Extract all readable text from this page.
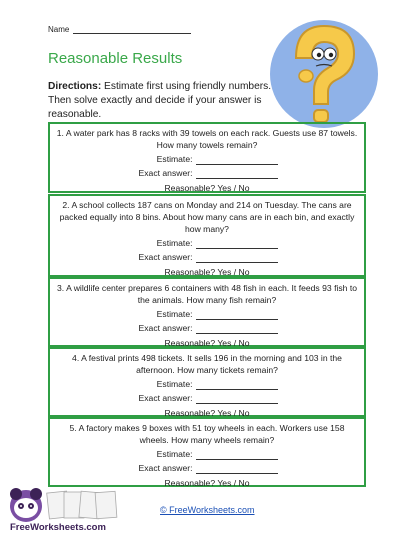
Name
Reasonable Results
Directions: Estimate first using friendly numbers. Then solve exactly and decide if your answer is reasonable.

1. A water park has 8 racks with 39 towels on each rack. Guests use 87 towels. How many towels remain?

Estimate:
Exact answer:
Reasonable? Yes / No

2. A school collects 187 cans on Monday and 214 on Tuesday. The cans are packed equally into 8 bins. About how many cans are in each bin, and exactly how many?

Estimate:
Exact answer:
Reasonable? Yes / No

3. A wildlife center prepares 6 containers with 48 fish in each. It feeds 93 fish to the animals. How many fish remain?

Estimate:
Exact answer:
Reasonable? Yes / No

4. A festival prints 498 tickets. It sells 196 in the morning and 103 in the afternoon. How many tickets remain?

Estimate:
Exact answer:
Reasonable? Yes / No

5. A factory makes 9 boxes with 51 toy wheels in each. Workers use 158 wheels. How many wheels remain?

Estimate:
Exact answer:
Reasonable? Yes / No
FreeWorksheets.com
© FreeWorksheets.com
